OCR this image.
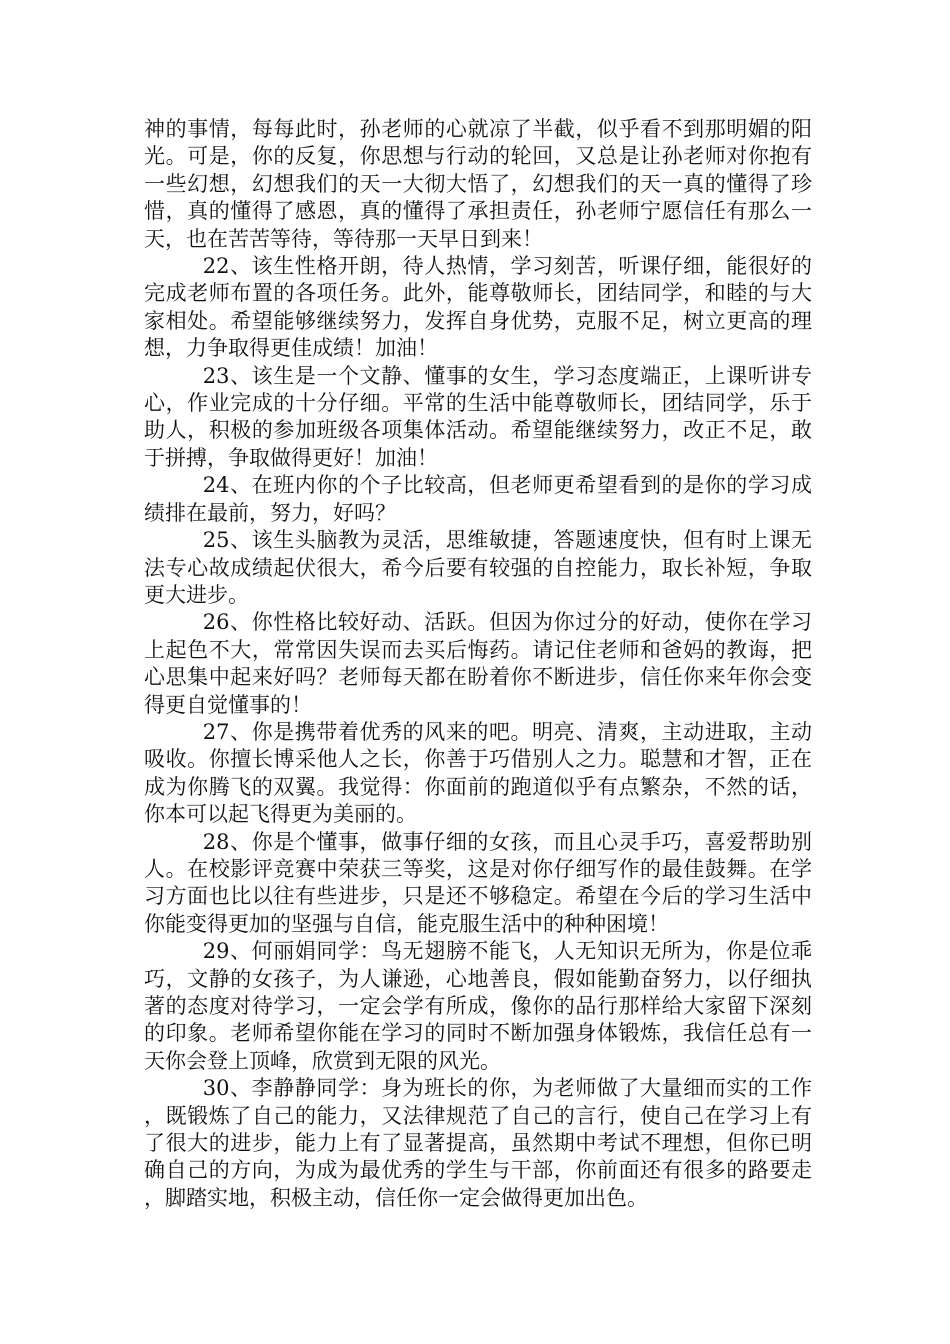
神的事情，每每此时，孙老师的心就凉了半截，似乎看不到那明媚的阳光。可是，你的反复，你思想与行动的轮回，又总是让孙老师对你抱有一些幻想，幻想我们的天一大彻大悟了，幻想我们的天一真的懂得了珍惜，真的懂得了感恩，真的懂得了承担责任，孙老师宁愿信任有那么一天，也在苦苦等待，等待那一天早日到来！

22、该生性格开朗，待人热情，学习刻苦，听课仔细，能很好的完成老师布置的各项任务。此外，能尊敬师长，团结同学，和睦的与大家相处。希望能够继续努力，发挥自身优势，克服不足，树立更高的理想，力争取得更佳成绩！加油！

23、该生是一个文静、懂事的女生，学习态度端正，上课听讲专心，作业完成的十分仔细。平常的生活中能尊敬师长，团结同学，乐于助人，积极的参加班级各项集体活动。希望能继续努力，改正不足，敢于拼搏，争取做得更好！加油！

24、在班内你的个子比较高，但老师更希望看到的是你的学习成绩排在最前，努力，好吗？

25、该生头脑教为灵活，思维敏捷，答题速度快，但有时上课无法专心故成绩起伏很大，希今后要有较强的自控能力，取长补短，争取更大进步。

26、你性格比较好动、活跃。但因为你过分的好动，使你在学习上起色不大，常常因失误而去买后悔药。请记住老师和爸妈的教诲，把心思集中起来好吗？老师每天都在盼着你不断进步，信任你来年你会变得更自觉懂事的！

27、你是携带着优秀的风来的吧。明亮、清爽，主动进取，主动吸收。你擅长博采他人之长，你善于巧借别人之力。聪慧和才智，正在成为你腾飞的双翼。我觉得：你面前的跑道似乎有点繁杂，不然的话，你本可以起飞得更为美丽的。

28、你是个懂事，做事仔细的女孩，而且心灵手巧，喜爱帮助别人。在校影评竞赛中荣获三等奖，这是对你仔细写作的最佳鼓舞。在学习方面也比以往有些进步，只是还不够稳定。希望在今后的学习生活中你能变得更加的坚强与自信，能克服生活中的种种困境！

29、何丽娟同学：鸟无翅膀不能飞，人无知识无所为，你是位乖巧，文静的女孩子，为人谦逊，心地善良，假如能勤奋努力，以仔细执著的态度对待学习，一定会学有所成，像你的品行那样给大家留下深刻的印象。老师希望你能在学习的同时不断加强身体锻炼，我信任总有一天你会登上顶峰，欣赏到无限的风光。

30、李静静同学：身为班长的你，为老师做了大量细而实的工作，既锻炼了自己的能力，又法律规范了自己的言行，使自己在学习上有了很大的进步，能力上有了显著提高，虽然期中考试不理想，但你已明确自己的方向，为成为最优秀的学生与干部，你前面还有很多的路要走，脚踏实地，积极主动，信任你一定会做得更加出色。
